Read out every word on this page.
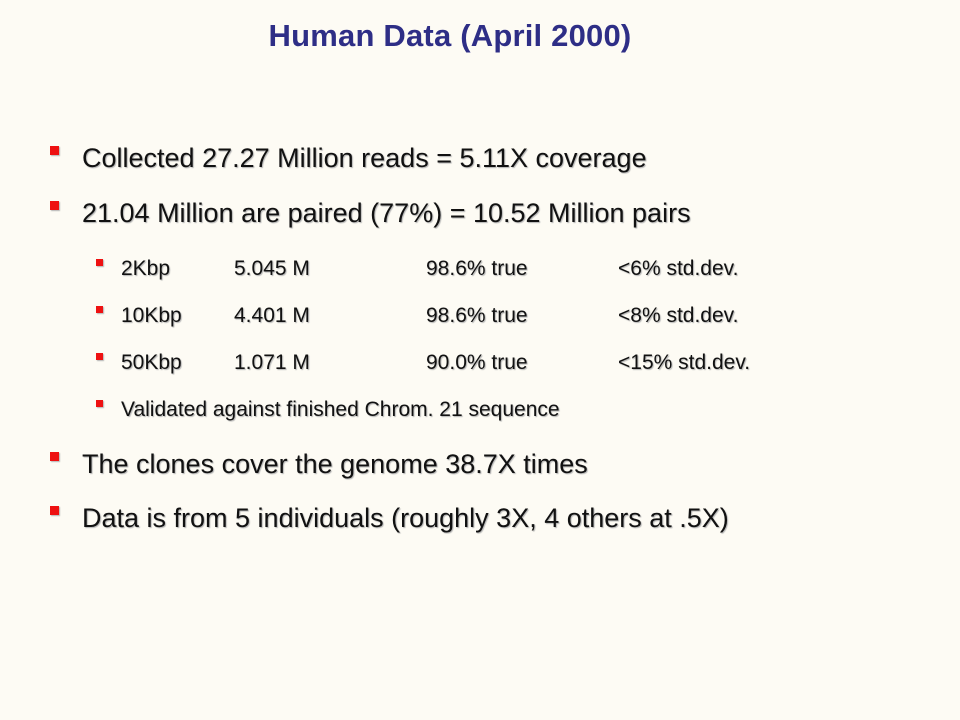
Human Data (April 2000)
Collected 27.27 Million reads = 5.11X coverage
21.04 Million are paired (77%) = 10.52 Million pairs
2Kbp	5.045 M	98.6% true	<6% std.dev.
10Kbp	4.401 M	98.6% true	<8% std.dev.
50Kbp	1.071 M	90.0% true	<15% std.dev.
Validated against finished Chrom. 21 sequence
The clones cover the genome 38.7X times
Data is from 5 individuals (roughly 3X, 4 others at .5X)
